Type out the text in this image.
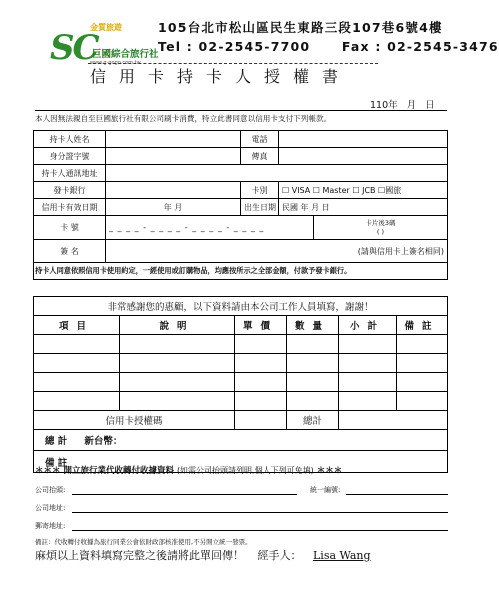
金質旅遊
SC
巨國綜合旅行社
www.g-gogo.com.tw
105台北市松山區民生東路三段107巷6號4樓
Tel : 02-2545-7700	Fax : 02-2545-3476
信用卡持卡人授權書
110年 月 日
本人因無法親自至巨國旅行社有限公司刷卡消費，特立此書同意以信用卡支付下列帳款。
持卡人姓名		電話		
身分證字號		傳真		
持卡人通訊地址				
發卡銀行		卡別	☐ VISA ☐ Master ☐ JCB ☐國旅	
信用卡有效日期	年 月	出生日期	民國 年 月 日	
卡 號	_ _ _ _ - _ _ _ _ - _ _ _ _ - _ _ _ _			卡片後3碼
( )

簽 名	(請與信用卡上簽名相同)			
持卡人同意依照信用卡使用約定，一經使用或訂購物品，均應按所示之全部金額，付款予發卡銀行。				
非常感謝您的惠顧，以下資料請由本公司工作人員填寫，謝謝！					
項目	說明	單價	數量	小計	備註

信用卡授權碼			總計		
總 計 新台幣：					
備 註					
＊＊＊ 開立旅行業代收轉付收據資料 (如需公司抬頭請列明,個人下列可免填) ＊＊＊
公司抬頭:	統一編號:
公司地址:
郵寄地址:
備註：代收轉付收據為旅行同業公會依財政部核准使用,不另開立統一發票。
麻煩以上資料填寫完整之後請將此單回傳！ 經手人： Lisa Wang
